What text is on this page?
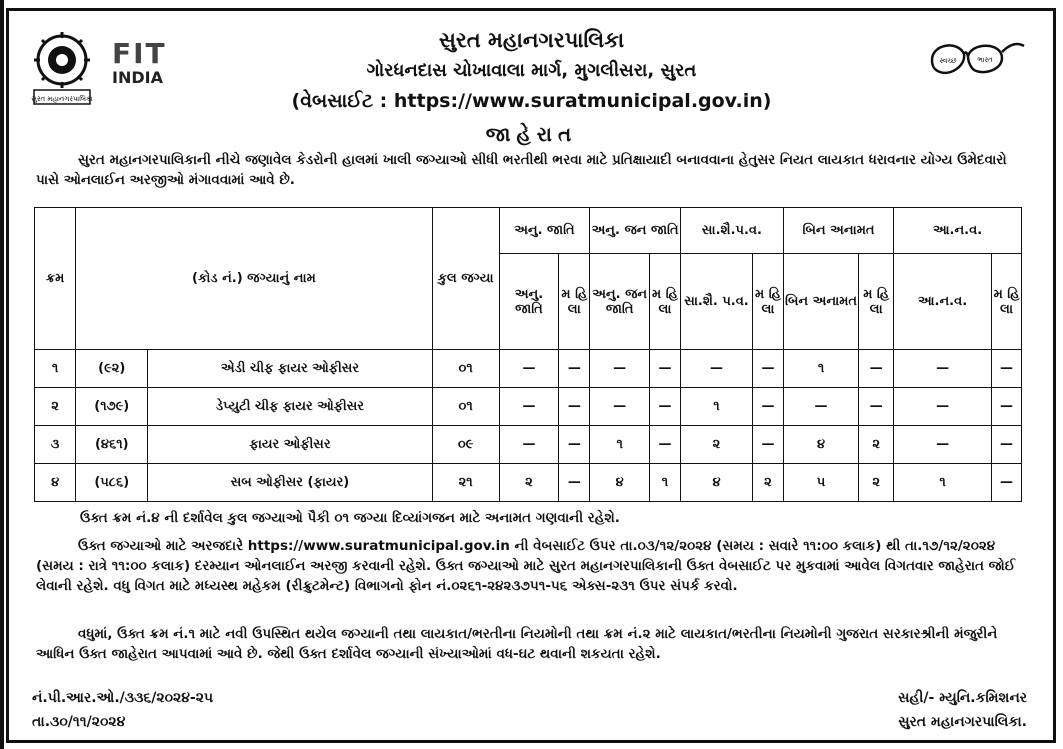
સુરત મહાનગરપાલિકા
FIT
INDIA
સ્વચ્છ	ભારત
સુરત મહાનગરપાલિકા
ગોરધનદાસ ચોખાવાલા માર્ગ, મુગલીસરા, સુરત
(વેબસાઈટ : https://www.suratmunicipal.gov.in)
જાહેરાત
સુરત મહાનગરપાલિકાની નીચે જણાવેલ કેડરોની હાલમાં ખાલી જગ્યાઓ સીધી ભરતીથી ભરવા માટે પ્રતિક્ષાયાદી બનાવવાના હેતુસર નિયત લાયકાત ધરાવનાર યોગ્ય ઉમેદવારો પાસે ઓનલાઈન અરજીઓ મંગાવવામાં આવે છે.
ક્રમ	(કોડ નં.) જગ્યાનું નામ		કુલ જગ્યા	અનુ. જાતિ		અનુ. જન જાતિ		સા.શૈ.પ.વ.		બિન અનામત		આ.ન.વ.	
				અનુ. જાતિ	મ હિ લા	અનુ. જન જાતિ	મ હિ લા	સા.શૈ. પ.વ.	મ હિ લા	બિન અનામત	મ હિ લા	આ.ન.વ.	મ હિ લા
૧	(૯૨)	એડી ચીફ ફાયર ઓફીસર	૦૧	—	—	—	—	—	—	૧	—	—	—
૨	(૧૭૯)	ડેપ્યુટી ચીફ ફાયર ઓફીસર	૦૧	—	—	—	—	૧	—	—	—	—	—
૩	(૪૬૧)	ફાયર ઓફીસર	૦૯	—	—	૧	—	૨	—	૪	૨	—	—
૪	(૫૮૬)	સબ ઓફીસર (ફાયર)	૨૧	૨	—	૪	૧	૪	૨	૫	૨	૧	—
ઉક્ત ક્રમ નં.૪ ની દર્શાવેલ કુલ જગ્યાઓ પૈકી ૦૧ જગ્યા દિવ્યાંગજન માટે અનામત ગણવાની રહેશે.
ઉક્ત જગ્યાઓ માટે અરજદારે https://www.suratmunicipal.gov.in ની વેબસાઈટ ઉપર તા.૦૩/૧૨/૨૦૨૪ (સમય : સવારે ૧૧:૦૦ કલાક) થી તા.૧૭/૧૨/૨૦૨૪ (સમય : રાત્રે ૧૧:૦૦ કલાક) દરમ્યાન ઓનલાઈન અરજી કરવાની રહેશે. ઉક્ત જગ્યાઓ માટે સુરત મહાનગરપાલિકાની ઉક્ત વેબસાઈટ પર મુકવામાં આવેલ વિગતવાર જાહેરાત જોઈ લેવાની રહેશે. વધુ વિગત માટે મધ્યસ્થ મહેકમ (રીક્રુટમેન્ટ) વિભાગનો ફોન નં.૦૨૬૧-૨૪૨૩૭૫૧-૫૬ એક્સ-૨૩૧ ઉપર સંપર્ક કરવો.
વધુમાં, ઉક્ત ક્રમ નં.૧ માટે નવી ઉપસ્થિત થયેલ જગ્યાની તથા લાયકાત/ભરતીના નિયમોની તથા ક્રમ નં.૨ માટે લાયકાત/ભરતીના નિયમોની ગુજરાત સરકારશ્રીની મંજુરીને આધિન ઉક્ત જાહેરાત આપવામાં આવે છે. જેથી ઉક્ત દર્શાવેલ જગ્યાની સંખ્યાઓમાં વધ-ઘટ થવાની શકયતા રહેશે.
નં.પી.આર.ઓ./૩૩૬/૨૦૨૪-૨૫
તા.૩૦/૧૧/૨૦૨૪
સહી/- મ્યુનિ.કમિશનર
સુરત મહાનગરપાલિકા.
